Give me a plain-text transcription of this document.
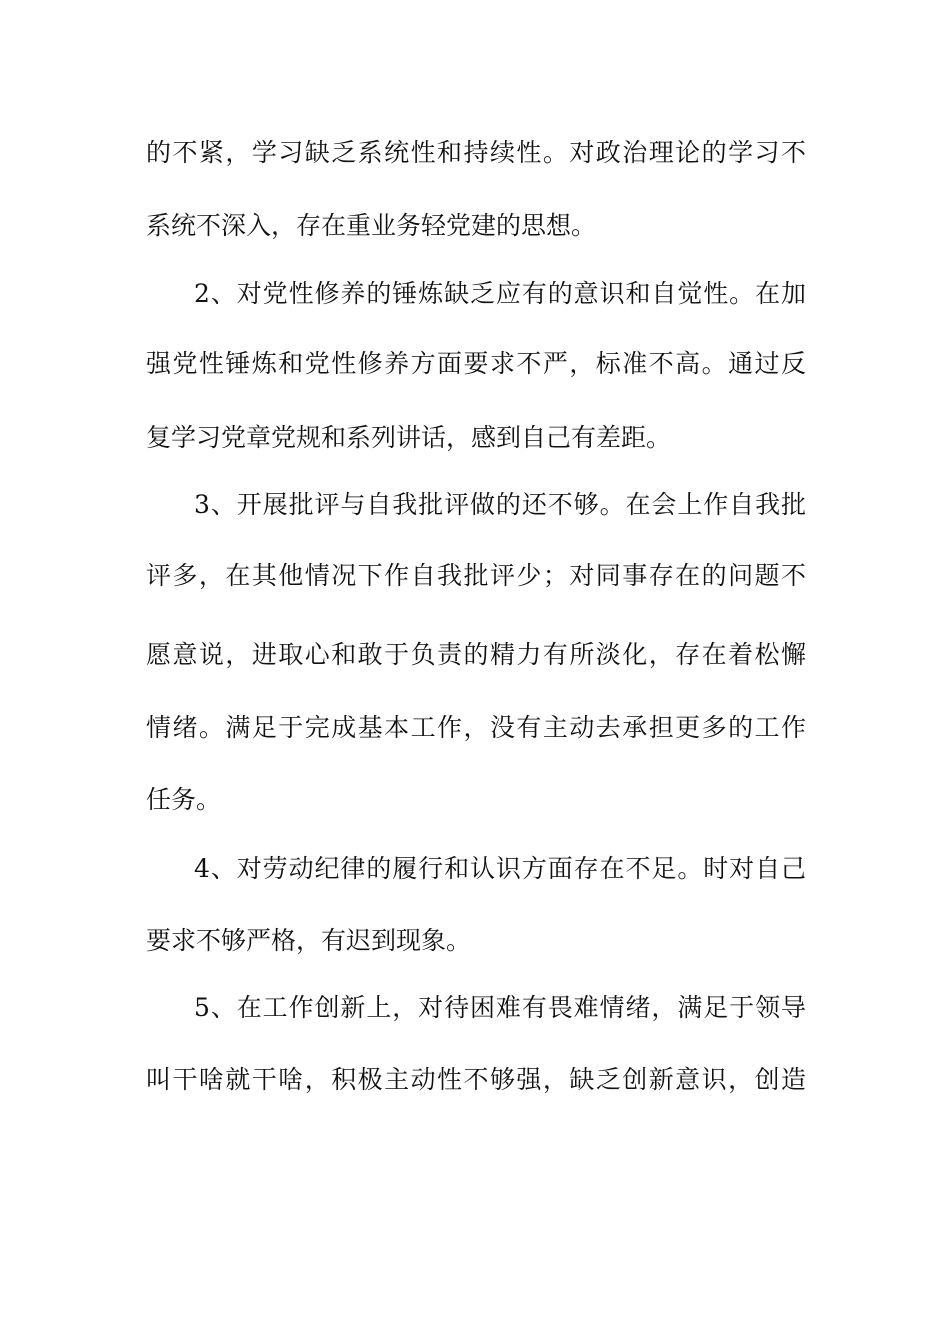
的不紧，学习缺乏系统性和持续性。对政治理论的学习不
系统不深入，存在重业务轻党建的思想。
2、对党性修养的锤炼缺乏应有的意识和自觉性。在加
强党性锤炼和党性修养方面要求不严，标准不高。通过反
复学习党章党规和系列讲话，感到自己有差距。
3、开展批评与自我批评做的还不够。在会上作自我批
评多，在其他情况下作自我批评少；对同事存在的问题不
愿意说，进取心和敢于负责的精力有所淡化，存在着松懈
情绪。满足于完成基本工作，没有主动去承担更多的工作
任务。
4、对劳动纪律的履行和认识方面存在不足。时对自己
要求不够严格，有迟到现象。
5、在工作创新上，对待困难有畏难情绪，满足于领导
叫干啥就干啥，积极主动性不够强，缺乏创新意识，创造
